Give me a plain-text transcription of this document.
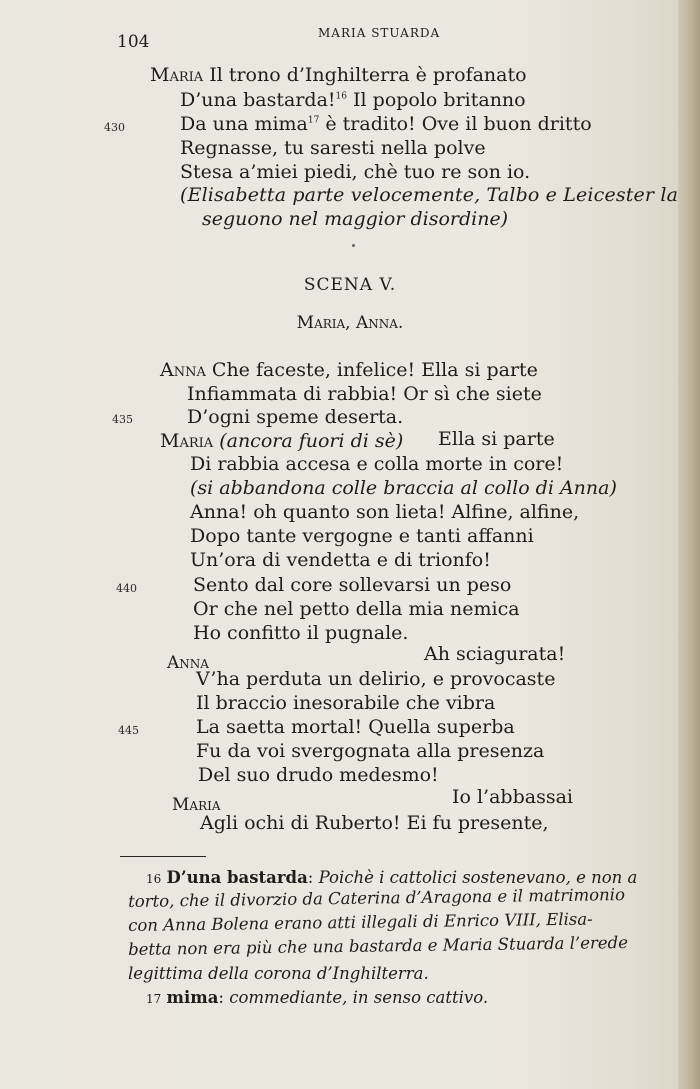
104	MARIA STUARDA
Maria Il trono d’Inghilterra è profanato
D’una bastarda!$^{16}$ Il popolo britanno
430	Da una mima$^{17}$ è tradito! Ove il buon dritto
Regnasse, tu saresti nella polve
Stesa a’miei piedi, chè tuo re son io.
(Elisabetta parte velocemente, Talbo e Leicester la
seguono nel maggior disordine)
SCENA V.
Maria, Anna.
Anna Che faceste, infelice! Ella si parte
Infiammata di rabbia! Or sì che siete
435	D’ogni speme deserta.
Maria (ancora fuori di sè) Ella si parte
Di rabbia accesa e colla morte in core!
(si abbandona colle braccia al collo di Anna)
Anna! oh quanto son lieta! Alfine, alfine,
Dopo tante vergogne e tanti affanni
Un’ora di vendetta e di trionfo!
440	Sento dal core sollevarsi un peso
Or che nel petto della mia nemica
Ho confitto il pugnale.
Anna	Ah sciagurata!
V’ha perduta un delirio, e provocaste
Il braccio inesorabile che vibra
445	La saetta mortal! Quella superba
Fu da voi svergognata alla presenza
Del suo drudo medesmo!
Maria	Io l’abbassai
Agli ochi di Ruberto! Ei fu presente,
16 D’una bastarda: Poichè i cattolici sostenevano, e non a
torto, che il divorzio da Caterina d’Aragona e il matrimonio
con Anna Bolena erano atti illegali di Enrico VIII, Elisa-
betta non era più che una bastarda e Maria Stuarda l’erede
legittima della corona d’Inghilterra.
17 mima: commediante, in senso cattivo.
